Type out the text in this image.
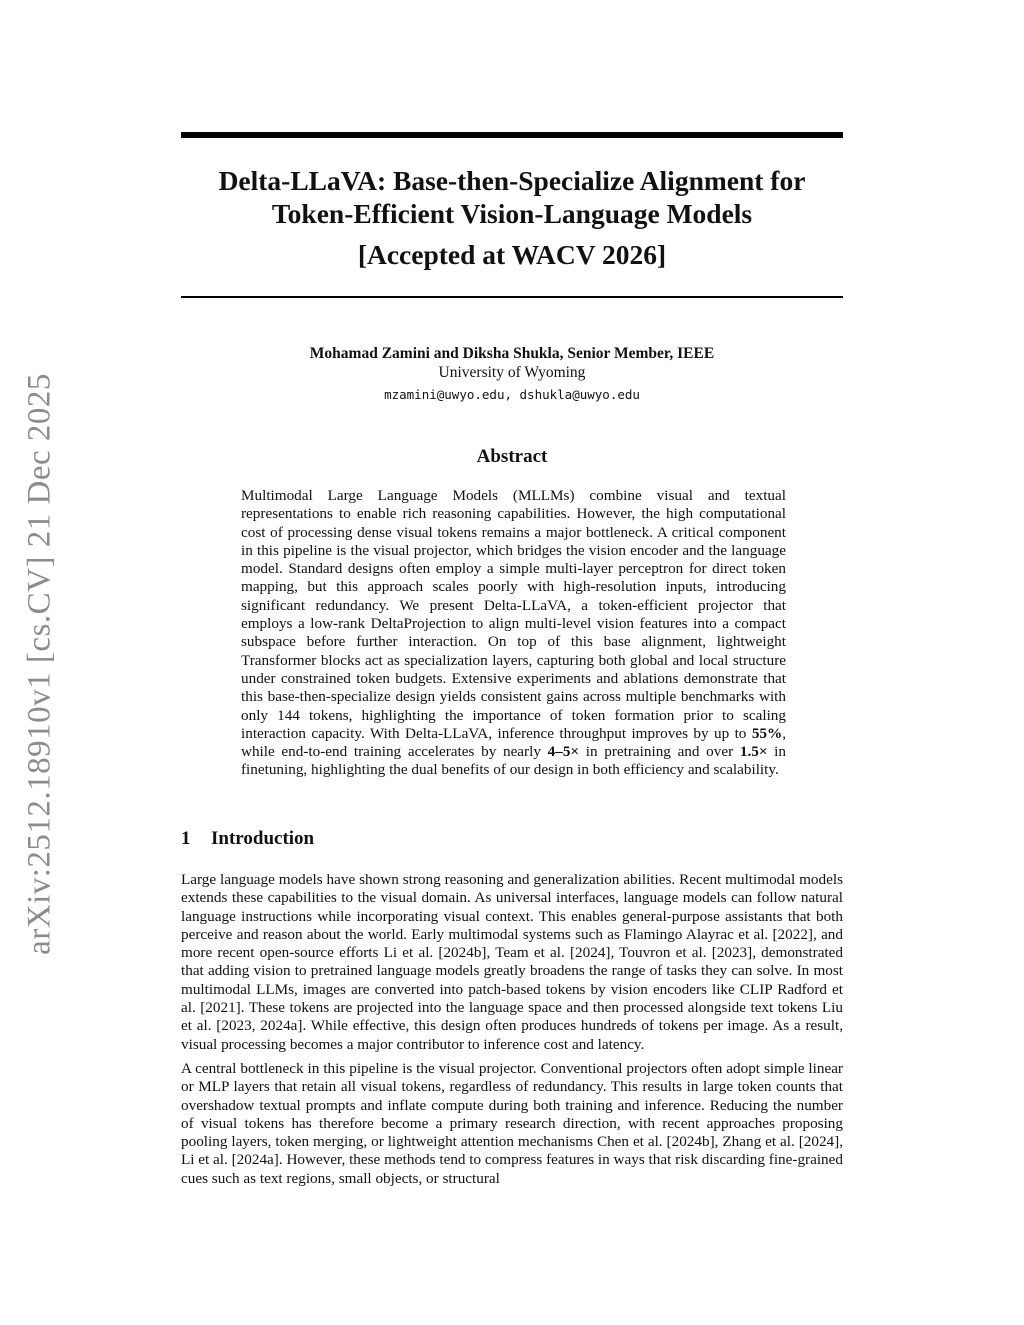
arXiv:2512.18910v1 [cs.CV] 21 Dec 2025
Delta-LLaVA: Base-then-Specialize Alignment for
Token-Efficient Vision-Language Models
[Accepted at WACV 2026]
Mohamad Zamini and Diksha Shukla, Senior Member, IEEE
University of Wyoming
mzamini@uwyo.edu, dshukla@uwyo.edu
Abstract
Multimodal Large Language Models (MLLMs) combine visual and textual representations to enable rich reasoning capabilities. However, the high computational cost of processing dense visual tokens remains a major bottleneck. A critical component in this pipeline is the visual projector, which bridges the vision encoder and the language model. Standard designs often employ a simple multi-layer perceptron for direct token mapping, but this approach scales poorly with high-resolution inputs, introducing significant redundancy. We present Delta-LLaVA, a token-efficient projector that employs a low-rank DeltaProjection to align multi-level vision features into a compact subspace before further interaction. On top of this base alignment, lightweight Transformer blocks act as specialization layers, capturing both global and local structure under constrained token budgets. Extensive experiments and ablations demonstrate that this base-then-specialize design yields consistent gains across multiple benchmarks with only 144 tokens, highlighting the importance of token formation prior to scaling interaction capacity. With Delta-LLaVA, inference throughput improves by up to 55%, while end-to-end training accelerates by nearly 4–5× in pretraining and over 1.5× in finetuning, highlighting the dual benefits of our design in both efficiency and scalability.
1 Introduction

Large language models have shown strong reasoning and generalization abilities. Recent multimodal models extends these capabilities to the visual domain. As universal interfaces, language models can follow natural language instructions while incorporating visual context. This enables general-purpose assistants that both perceive and reason about the world. Early multimodal systems such as Flamingo Alayrac et al. [2022], and more recent open-source efforts Li et al. [2024b], Team et al. [2024], Touvron et al. [2023], demonstrated that adding vision to pretrained language models greatly broadens the range of tasks they can solve. In most multimodal LLMs, images are converted into patch-based tokens by vision encoders like CLIP Radford et al. [2021]. These tokens are projected into the language space and then processed alongside text tokens Liu et al. [2023, 2024a]. While effective, this design often produces hundreds of tokens per image. As a result, visual processing becomes a major contributor to inference cost and latency.

A central bottleneck in this pipeline is the visual projector. Conventional projectors often adopt simple linear or MLP layers that retain all visual tokens, regardless of redundancy. This results in large token counts that overshadow textual prompts and inflate compute during both training and inference. Reducing the number of visual tokens has therefore become a primary research direction, with recent approaches proposing pooling layers, token merging, or lightweight attention mechanisms Chen et al. [2024b], Zhang et al. [2024], Li et al. [2024a]. However, these methods tend to compress features in ways that risk discarding fine-grained cues such as text regions, small objects, or structural
